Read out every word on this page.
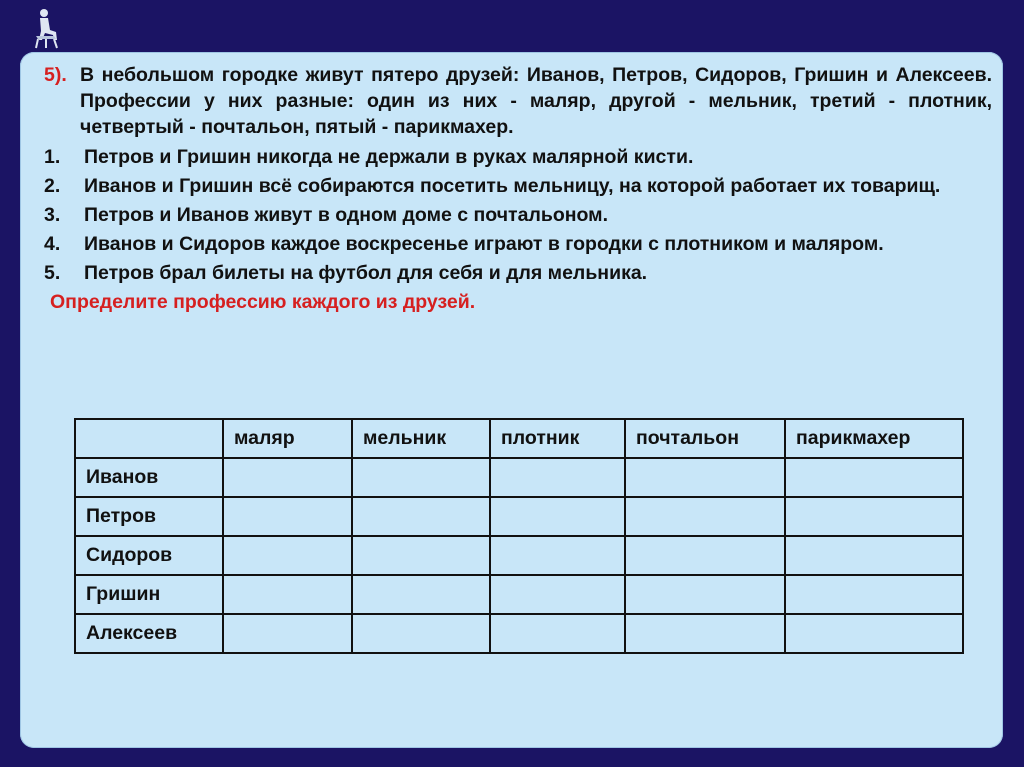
5). В небольшом городке живут пятеро друзей: Иванов, Петров, Сидоров, Гришин и Алексеев. Профессии у них разные: один из них - маляр, другой - мельник, третий - плотник, четвертый - почтальон, пятый - парикмахер.
1.	Петров и Гришин никогда не держали в руках малярной кисти.
2.	Иванов и Гришин всё собираются посетить мельницу, на которой работает их товарищ.
3.	Петров и Иванов живут в одном доме с почтальоном.
4.	Иванов и Сидоров каждое воскресенье играют в городки с плотником и маляром.
5.	Петров брал билеты на футбол для себя и для мельника.
Определите профессию каждого из друзей.
	маляр	мельник	плотник	почтальон	парикмахер
Иванов					
Петров					
Сидоров					
Гришин					
Алексеев					
